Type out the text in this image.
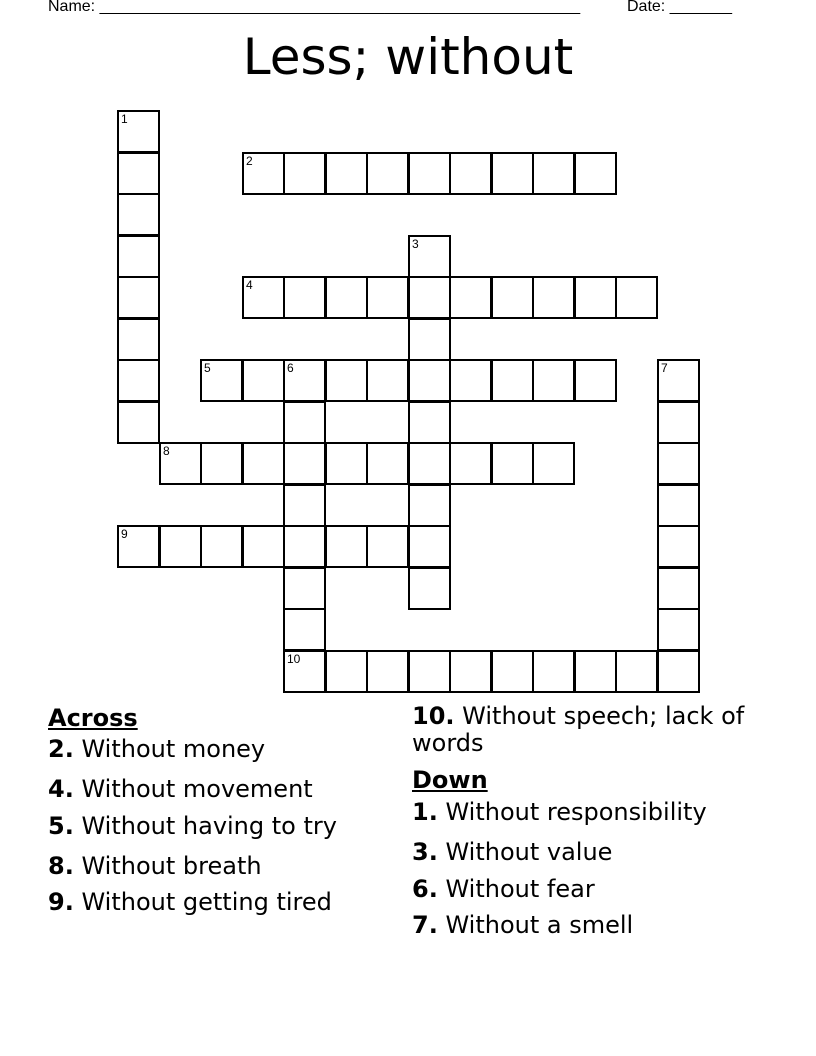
Name: ______________________________________________________	Date: _______
Less; without
1
2
3
4
5	6
10
7
8
9
Across
2. Without money
4. Without movement
5. Without having to try
8. Without breath
9. Without getting tired
10. Without speech; lack of words
Down
1. Without responsibility
3. Without value
6. Without fear
7. Without a smell
